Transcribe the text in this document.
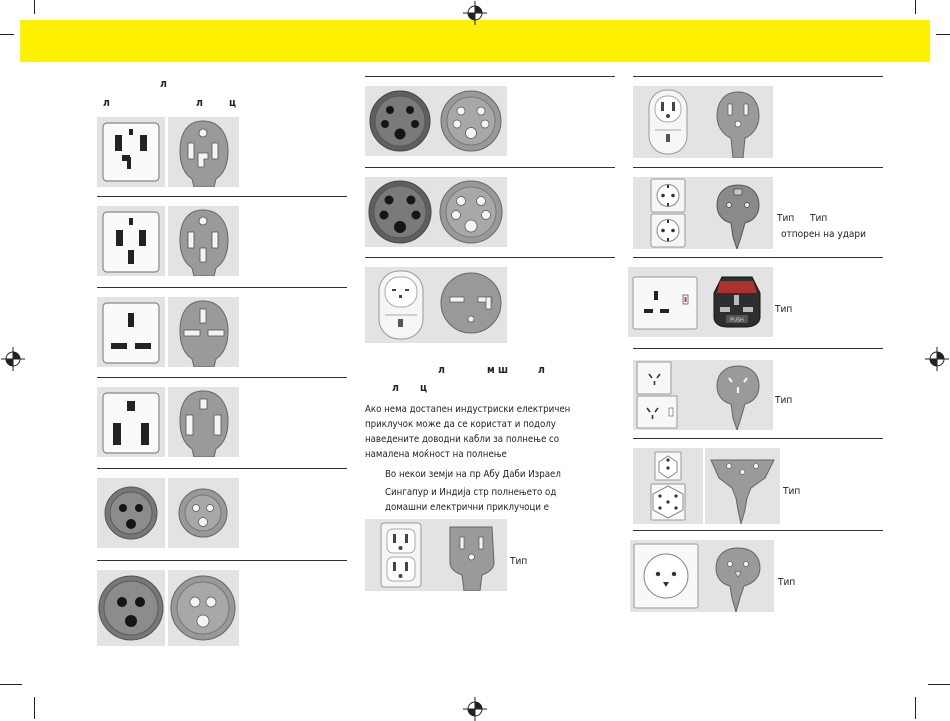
л
л	л ц
л	м ш	л
л ц
Ако нема достапен индустриски електричен
приклучок може да се користат и подолу
наведените доводни кабли за полнење со
намалена моќност на полнење
Во некои земји на пр Абу Даби Израел
Сингапур и Индија стр полнењето од
домашни електрични приклучоци е
Тип
Тип Тип
отпорен на удари
PUSH
Тип
Тип
Тип
Тип
